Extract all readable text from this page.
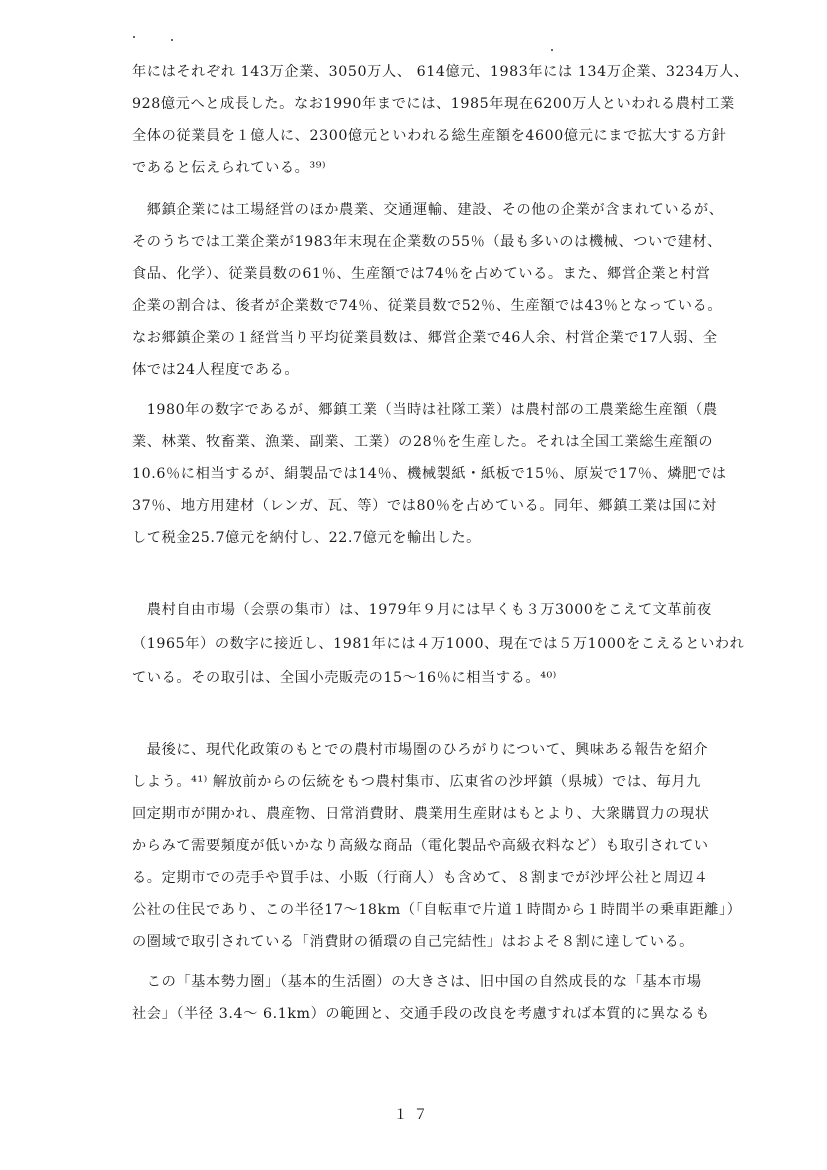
年にはそれぞれ 143万企業、3050万人、 614億元、1983年には 134万企業、3234万人、
928億元へと成長した。なお1990年までには、1985年現在6200万人といわれる農村工業
全体の従業員を１億人に、2300億元といわれる総生産額を4600億元にまで拡大する方針
であると伝えられている。³⁹⁾
　郷鎮企業には工場経営のほか農業、交通運輸、建設、その他の企業が含まれているが、
そのうちでは工業企業が1983年末現在企業数の55％（最も多いのは機械、ついで建材、
食品、化学）、従業員数の61％、生産額では74％を占めている。また、郷営企業と村営
企業の割合は、後者が企業数で74％、従業員数で52％、生産額では43％となっている。
なお郷鎮企業の１経営当り平均従業員数は、郷営企業で46人余、村営企業で17人弱、全
体では24人程度である。
　1980年の数字であるが、郷鎮工業（当時は社隊工業）は農村部の工農業総生産額（農
業、林業、牧畜業、漁業、副業、工業）の28％を生産した。それは全国工業総生産額の
10.6％に相当するが、絹製品では14％、機械製紙・紙板で15％、原炭で17％、燐肥では
37％、地方用建材（レンガ、瓦、等）では80％を占めている。同年、郷鎮工業は国に対
して税金25.7億元を納付し、22.7億元を輸出した。
　農村自由市場（会票の集市）は、1979年９月には早くも３万3000をこえて文革前夜
（1965年）の数字に接近し、1981年には４万1000、現在では５万1000をこえるといわれ
ている。その取引は、全国小売販売の15～16％に相当する。⁴⁰⁾
　最後に、現代化政策のもとでの農村市場圏のひろがりについて、興味ある報告を紹介
しよう。⁴¹⁾ 解放前からの伝統をもつ農村集市、広東省の沙坪鎮（県城）では、毎月九
回定期市が開かれ、農産物、日常消費財、農業用生産財はもとより、大衆購買力の現状
からみて需要頻度が低いかなり高級な商品（電化製品や高級衣料など）も取引されてい
る。定期市での売手や買手は、小販（行商人）も含めて、８割までが沙坪公社と周辺４
公社の住民であり、この半径17～18km（「自転車で片道１時間から１時間半の乗車距離」）
の圏域で取引されている「消費財の循環の自己完結性」はおよそ８割に達している。
　この「基本勢力圏」（基本的生活圏）の大きさは、旧中国の自然成長的な「基本市場
社会」（半径 3.4～ 6.1km）の範囲と、交通手段の改良を考慮すれば本質的に異なるも
１７
